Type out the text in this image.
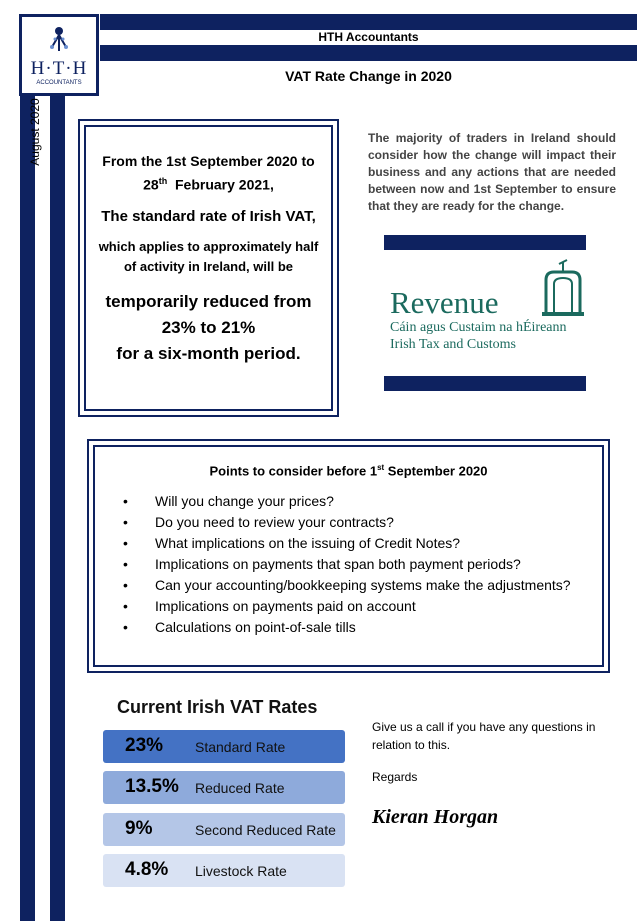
H·T·H
ACCOUNTANTS
HTH Accountants
VAT Rate Change in 2020
August 2020	From the 1st September 2020 to
28th  February 2021,
The standard rate of Irish VAT,
which applies to approximately half of activity in Ireland, will be
temporarily reduced from
23% to 21%
for a six-month period.
The majority of traders in Ireland should consider how the change will impact their business and any actions that are needed between now and 1st September to ensure that they are ready for the change.
Revenue
Cáin agus Custaim na hÉireann
Irish Tax and Customs
Points to consider before 1st September 2020
• Will you change your prices?
• Do you need to review your contracts?
• What implications on the issuing of Credit Notes?
• Implications on payments that span both payment periods?
• Can your accounting/bookkeeping systems make the adjustments?
• Implications on payments paid on account
• Calculations on point-of-sale tills
Current Irish VAT Rates
23% Standard Rate
13.5% Reduced Rate
9%	Second Reduced Rate
4.8% Livestock Rate
Give us a call if you have any questions in relation to this.
Regards
Kieran Horgan
